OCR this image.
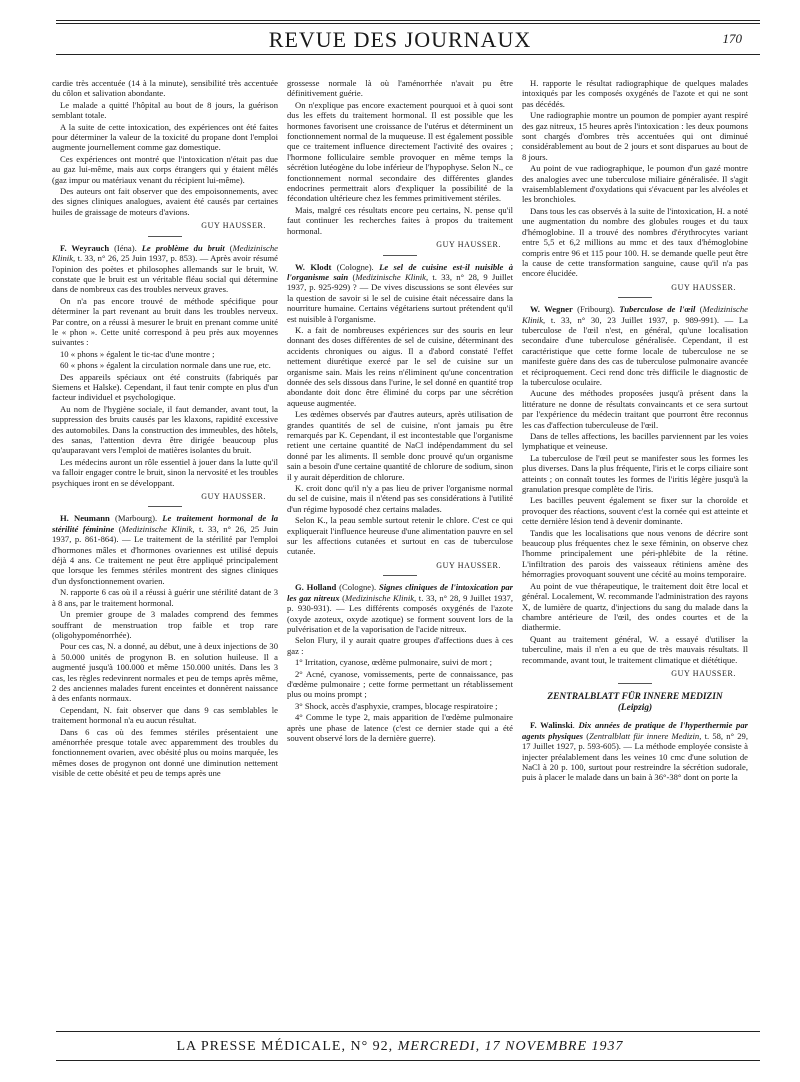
REVUE DES JOURNAUX	170

cardie très accentuée (14 à la minute), sensibilité très accentuée du côlon et salivation abondante.

Le malade a quitté l'hôpital au bout de 8 jours, la guérison semblant totale.

A la suite de cette intoxication, des expériences ont été faites pour déterminer la valeur de la toxicité du propane dont l'emploi augmente journellement comme gaz domestique.

Ces expériences ont montré que l'intoxication n'était pas due au gaz lui-même, mais aux corps étrangers qui y étaient mêlés (gaz impur ou matériaux venant du récipient lui-même).

Des auteurs ont fait observer que des empoisonnements, avec des signes cliniques analogues, avaient été causés par certaines huiles de graissage de moteurs d'avions.

GUY HAUSSER.

F. Weyrauch (Iéna). Le problème du bruit (Medizinische Klinik, t. 33, n° 26, 25 Juin 1937, p. 853). — Après avoir résumé l'opinion des poètes et philosophes allemands sur le bruit, W. constate que le bruit est un véritable fléau social qui détermine dans de nombreux cas des troubles nerveux graves.

On n'a pas encore trouvé de méthode spécifique pour déterminer la part revenant au bruit dans les troubles nerveux. Par contre, on a réussi à mesurer le bruit en prenant comme unité le « phon ». Cette unité correspond à peu près aux moyennes suivantes :

10 « phons » égalent le tic-tac d'une montre ;

60 « phons » égalent la circulation normale dans une rue, etc.

Des appareils spéciaux ont été construits (fabriqués par Siemens et Halske). Cependant, il faut tenir compte en plus d'un facteur individuel et psychologique.

Au nom de l'hygiène sociale, il faut demander, avant tout, la suppression des bruits causés par les klaxons, rapidité excessive des automobiles. Dans la construction des immeubles, des hôtels, des sanas, l'attention devra être dirigée beaucoup plus qu'auparavant vers l'emploi de matières isolantes du bruit.

Les médecins auront un rôle essentiel à jouer dans la lutte qu'il va falloir engager contre le bruit, sinon la nervosité et les troubles psychiques iront en se développant.

GUY HAUSSER.

H. Neumann (Marbourg). Le traitement hormonal de la stérilité féminine (Medizinische Klinik, t. 33, n° 26, 25 Juin 1937, p. 861-864). — Le traitement de la stérilité par l'emploi d'hormones mâles et d'hormones ovariennes est utilisé depuis déjà 4 ans. Ce traitement ne peut être appliqué principalement que lorsque les femmes stériles montrent des signes cliniques d'un dysfonctionnement ovarien.

N. rapporte 6 cas où il a réussi à guérir une stérilité datant de 3 à 8 ans, par le traitement hormonal.

Un premier groupe de 3 malades comprend des femmes souffrant de menstruation trop faible et trop rare (oligohypoménorrhée).

Pour ces cas, N. a donné, au début, une à deux injections de 30 à 50.000 unités de progynon B. en solution huileuse. Il a augmenté jusqu'à 100.000 et même 150.000 unités. Dans les 3 cas, les règles redevinrent normales et peu de temps après même, 2 des anciennes malades furent enceintes et donnèrent naissance à des enfants normaux.

Cependant, N. fait observer que dans 9 cas semblables le traitement hormonal n'a eu aucun résultat.

Dans 6 cas où des femmes stériles présentaient une aménorrhée presque totale avec apparemment des troubles du fonctionnement ovarien, avec obésité plus ou moins marquée, les mêmes doses de progynon ont donné une diminution nettement visible de cette obésité et peu de temps après une

grossesse normale là où l'aménorrhée n'avait pu être définitivement guérie.

On n'explique pas encore exactement pourquoi et à quoi sont dus les effets du traitement hormonal. Il est possible que les hormones favorisent une croissance de l'utérus et déterminent un fonctionnement normal de la muqueuse. Il est également possible que ce traitement influence directement l'activité des ovaires ; l'hormone folliculaire semble provoquer en même temps la sécrétion lutéogène du lobe inférieur de l'hypophyse. Selon N., ce fonctionnement normal secondaire des différentes glandes endocrines permettrait alors d'expliquer la possibilité de la fécondation ultérieure chez les femmes primitivement stériles.

Mais, malgré ces résultats encore peu certains, N. pense qu'il faut continuer les recherches faites à propos du traitement hormonal.

GUY HAUSSER.

W. Klodt (Cologne). Le sel de cuisine est-il nuisible à l'organisme sain (Medizinische Klinik, t. 33, n° 28, 9 Juillet 1937, p. 925-929) ? — De vives discussions se sont élevées sur la question de savoir si le sel de cuisine était nécessaire dans la nourriture humaine. Certains végétariens surtout prétendent qu'il est nuisible à l'organisme.

K. a fait de nombreuses expériences sur des souris en leur donnant des doses différentes de sel de cuisine, déterminant des accidents chroniques ou aigus. Il a d'abord constaté l'effet nettement diurétique exercé par le sel de cuisine sur un organisme sain. Mais les reins n'éliminent qu'une concentration donnée des sels dissous dans l'urine, le sel donné en quantité trop abondante doit donc être éliminé du corps par une sécrétion aqueuse augmentée.

Les œdèmes observés par d'autres auteurs, après utilisation de grandes quantités de sel de cuisine, n'ont jamais pu être remarqués par K. Cependant, il est incontestable que l'organisme retient une certaine quantité de NaCl indépendamment du sel donné par les aliments. Il semble donc prouvé qu'un organisme sain a besoin d'une certaine quantité de chlorure de sodium, sinon il y aurait déperdition de chlorure.

K. croit donc qu'il n'y a pas lieu de priver l'organisme normal du sel de cuisine, mais il n'étend pas ses considérations à l'utilité d'un régime hyposodé chez certains malades.

Selon K., la peau semble surtout retenir le chlore. C'est ce qui expliquerait l'influence heureuse d'une alimentation pauvre en sel sur les affections cutanées et surtout en cas de tuberculose cutanée.

GUY HAUSSER.

G. Holland (Cologne). Signes cliniques de l'intoxication par les gaz nitreux (Medizinische Klinik, t. 33, n° 28, 9 Juillet 1937, p. 930-931). — Les différents composés oxygénés de l'azote (oxyde azoteux, oxyde azotique) se forment souvent lors de la pulvérisation et de la vaporisation de l'acide nitreux.

Selon Flury, il y aurait quatre groupes d'affections dues à ces gaz :

1° Irritation, cyanose, œdème pulmonaire, suivi de mort ;

2° Acné, cyanose, vomissements, perte de connaissance, pas d'œdème pulmonaire ; cette forme permettant un rétablissement plus ou moins prompt ;

3° Shock, accès d'asphyxie, crampes, blocage respiratoire ;

4° Comme le type 2, mais apparition de l'œdème pulmonaire après une phase de latence (c'est ce dernier stade qui a été souvent observé lors de la dernière guerre).

H. rapporte le résultat radiographique de quelques malades intoxiqués par les composés oxygénés de l'azote et qui ne sont pas décédés.

Une radiographie montre un poumon de pompier ayant respiré des gaz nitreux, 15 heures après l'intoxication : les deux poumons sont chargés d'ombres très accentuées qui ont diminué considérablement au bout de 2 jours et sont disparues au bout de 8 jours.

Au point de vue radiographique, le poumon d'un gazé montre des analogies avec une tuberculose miliaire généralisée. Il s'agit vraisemblablement d'oxydations qui s'évacuent par les alvéoles et les bronchioles.

Dans tous les cas observés à la suite de l'intoxication, H. a noté une augmentation du nombre des globules rouges et du taux d'hémoglobine. Il a trouvé des nombres d'érythrocytes variant entre 5,5 et 6,2 millions au mmc et des taux d'hémoglobine compris entre 96 et 115 pour 100. H. se demande quelle peut être la cause de cette transformation sanguine, cause qu'il n'a pas encore élucidée.

GUY HAUSSER.

W. Wegner (Fribourg). Tuberculose de l'œil (Medizinische Klinik, t. 33, n° 30, 23 Juillet 1937, p. 989-991). — La tuberculose de l'œil n'est, en général, qu'une localisation secondaire d'une tuberculose généralisée. Cependant, il est caractéristique que cette forme locale de tuberculose ne se manifeste guère dans des cas de tuberculose pulmonaire avancée et réciproquement. Ceci rend donc très difficile le diagnostic de la tuberculose oculaire.

Aucune des méthodes proposées jusqu'à présent dans la littérature ne donne de résultats convaincants et ce sera surtout par l'expérience du médecin traitant que pourront être reconnus les cas d'affection tuberculeuse de l'œil.

Dans de telles affections, les bacilles parviennent par les voies lymphatique et veineuse.

La tuberculose de l'œil peut se manifester sous les formes les plus diverses. Dans la plus fréquente, l'iris et le corps ciliaire sont atteints ; on connaît toutes les formes de l'iritis légère jusqu'à la granulation presque complète de l'iris.

Les bacilles peuvent également se fixer sur la choroïde et provoquer des réactions, souvent c'est la cornée qui est atteinte et cette dernière lésion tend à devenir dominante.

Tandis que les localisations que nous venons de décrire sont beaucoup plus fréquentes chez le sexe féminin, on observe chez l'homme principalement une péri-phlébite de la rétine. L'infiltration des parois des vaisseaux rétiniens amène des hémorragies provoquant souvent une cécité au moins temporaire.

Au point de vue thérapeutique, le traitement doit être local et général. Localement, W. recommande l'administration des rayons X, de lumière de quartz, d'injections du sang du malade dans la chambre antérieure de l'œil, des ondes courtes et de la diathermie.

Quant au traitement général, W. a essayé d'utiliser la tuberculine, mais il n'en a eu que de très mauvais résultats. Il recommande, avant tout, le traitement climatique et diététique.

GUY HAUSSER.
ZENTRALBLATT FÜR INNERE MEDIZIN
(Leipzig)

F. Walinski. Dix années de pratique de l'hyperthermie par agents physiques (Zentralblatt für innere Medizin, t. 58, n° 29, 17 Juillet 1927, p. 593-605). — La méthode employée consiste à injecter préalablement dans les veines 10 cmc d'une solution de NaCl à 20 p. 100, surtout pour restreindre la sécrétion sudorale, puis à placer le malade dans un bain à 36°-38° dont on porte la

LA PRESSE MÉDICALE, N° 92, MERCREDI, 17 NOVEMBRE 1937
